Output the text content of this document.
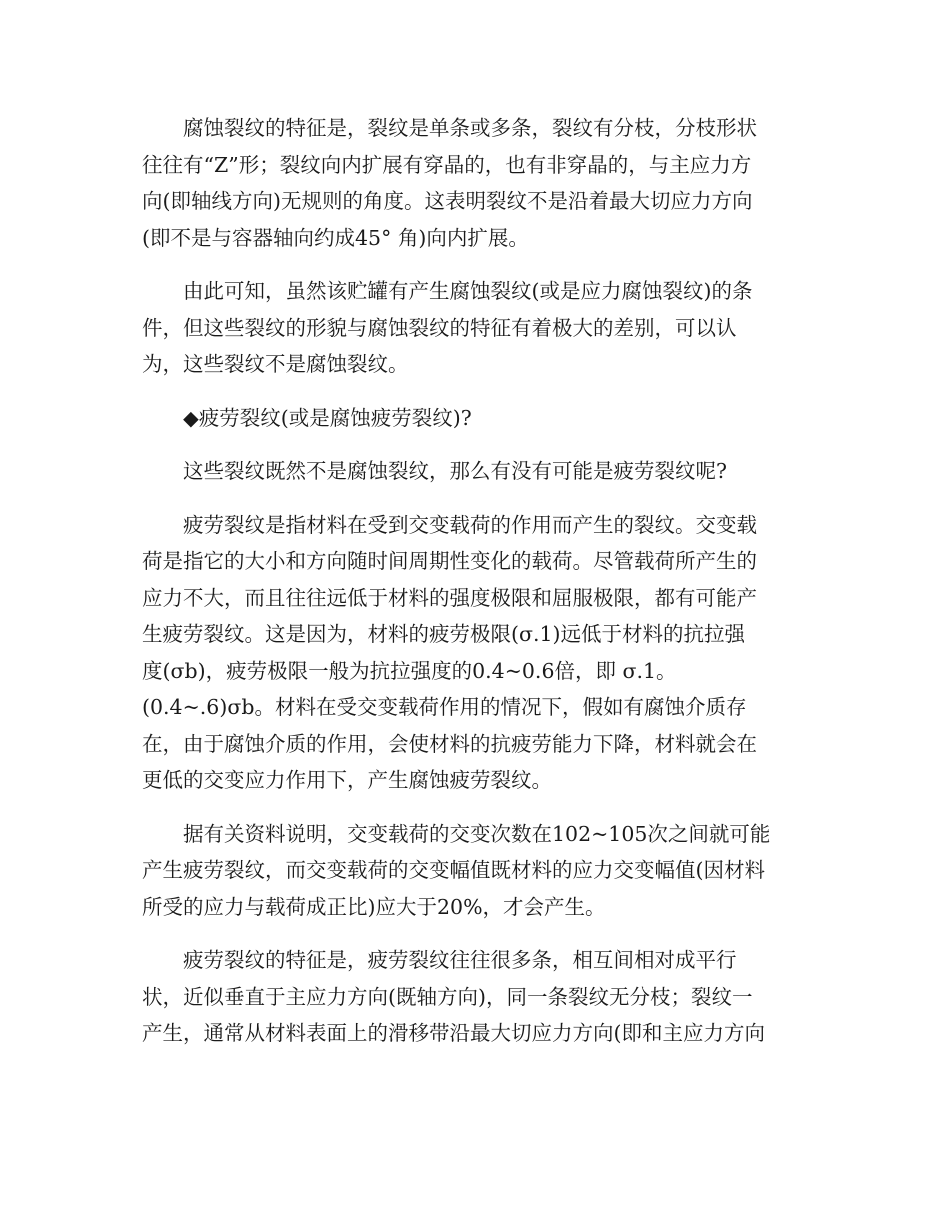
腐蚀裂纹的特征是，裂纹是单条或多条，裂纹有分枝，分枝形状
往往有“Z”形；裂纹向内扩展有穿晶的，也有非穿晶的，与主应力方
向(即轴线方向)无规则的角度。这表明裂纹不是沿着最大切应力方向
(即不是与容器轴向约成45° 角)向内扩展。

由此可知，虽然该贮罐有产生腐蚀裂纹(或是应力腐蚀裂纹)的条
件，但这些裂纹的形貌与腐蚀裂纹的特征有着极大的差别，可以认
为，这些裂纹不是腐蚀裂纹。

◆疲劳裂纹(或是腐蚀疲劳裂纹)?

这些裂纹既然不是腐蚀裂纹，那么有没有可能是疲劳裂纹呢?

疲劳裂纹是指材料在受到交变载荷的作用而产生的裂纹。交变载
荷是指它的大小和方向随时间周期性变化的载荷。尽管载荷所产生的
应力不大，而且往往远低于材料的强度极限和屈服极限，都有可能产
生疲劳裂纹。这是因为，材料的疲劳极限(σ.1)远低于材料的抗拉强
度(σb)，疲劳极限一般为抗拉强度的0.4~0.6倍，即 σ.1。
(0.4~.6)σb。材料在受交变载荷作用的情况下，假如有腐蚀介质存
在，由于腐蚀介质的作用，会使材料的抗疲劳能力下降，材料就会在
更低的交变应力作用下，产生腐蚀疲劳裂纹。

据有关资料说明，交变载荷的交变次数在102~105次之间就可能
产生疲劳裂纹，而交变载荷的交变幅值既材料的应力交变幅值(因材料
所受的应力与载荷成正比)应大于20%，才会产生。

疲劳裂纹的特征是，疲劳裂纹往往很多条，相互间相对成平行
状，近似垂直于主应力方向(既轴方向)，同一条裂纹无分枝；裂纹一
产生，通常从材料表面上的滑移带沿最大切应力方向(即和主应力方向
